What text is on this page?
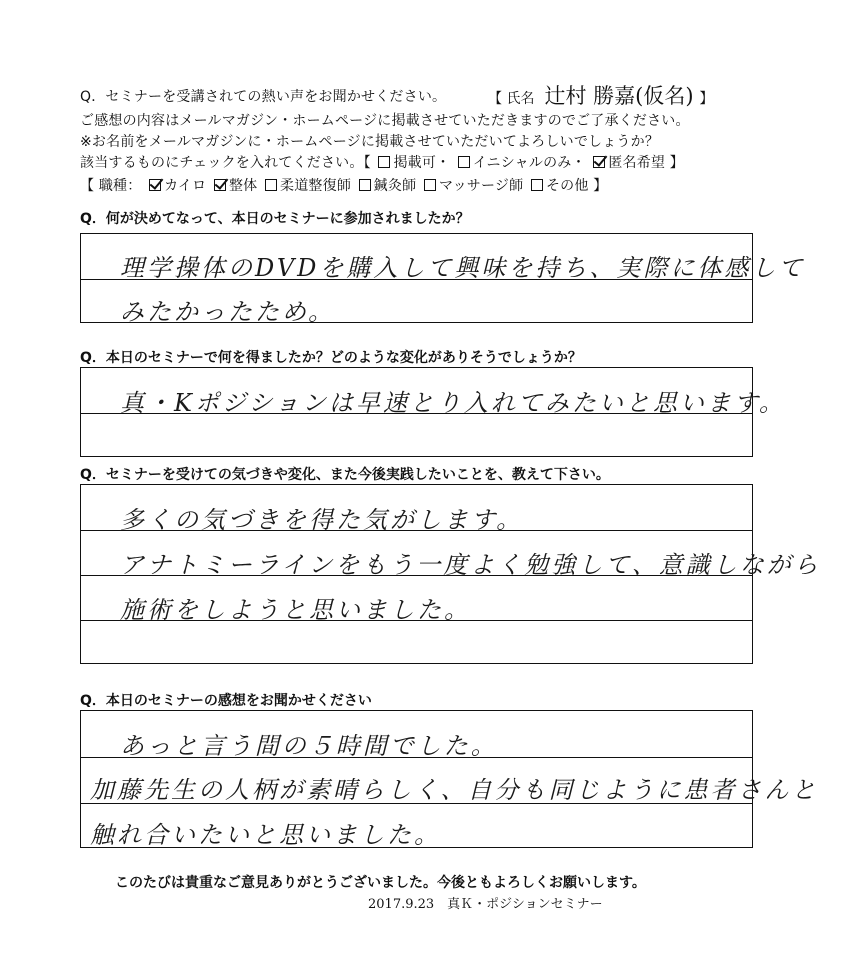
Q．セミナーを受講されての熱い声をお聞かせください。	【 氏名 辻村 勝嘉(仮名) 】
ご感想の内容はメールマガジン・ホームページに掲載させていただきますのでご了承ください。
※お名前をメールマガジンに・ホームページに掲載させていただいてよろしいでしょうか？
該当するものにチェックを入れてください。【 掲載可・ イニシャルのみ・ 匿名希望 】
【 職種： カイロ 整体 柔道整復師 鍼灸師 マッサージ師 その他 】
Q．何が決めてなって、本日のセミナーに参加されましたか？
理学操体のDVDを購入して興味を持ち、実際に体感して
みたかったため。
Q．本日のセミナーで何を得ましたか？どのような変化がありそうでしょうか？
真・Kポジションは早速とり入れてみたいと思います。
Q．セミナーを受けての気づきや変化、また今後実践したいことを、教えて下さい。
多くの気づきを得た気がします。
アナトミーラインをもう一度よく勉強して、意識しながら
施術をしようと思いました。
Q．本日のセミナーの感想をお聞かせください
あっと言う間の５時間でした。
加藤先生の人柄が素晴らしく、自分も同じように患者さんと
触れ合いたいと思いました。
このたびは貴重なご意見ありがとうございました。今後ともよろしくお願いします。
2017.9.23　真Ｋ・ポジションセミナー
